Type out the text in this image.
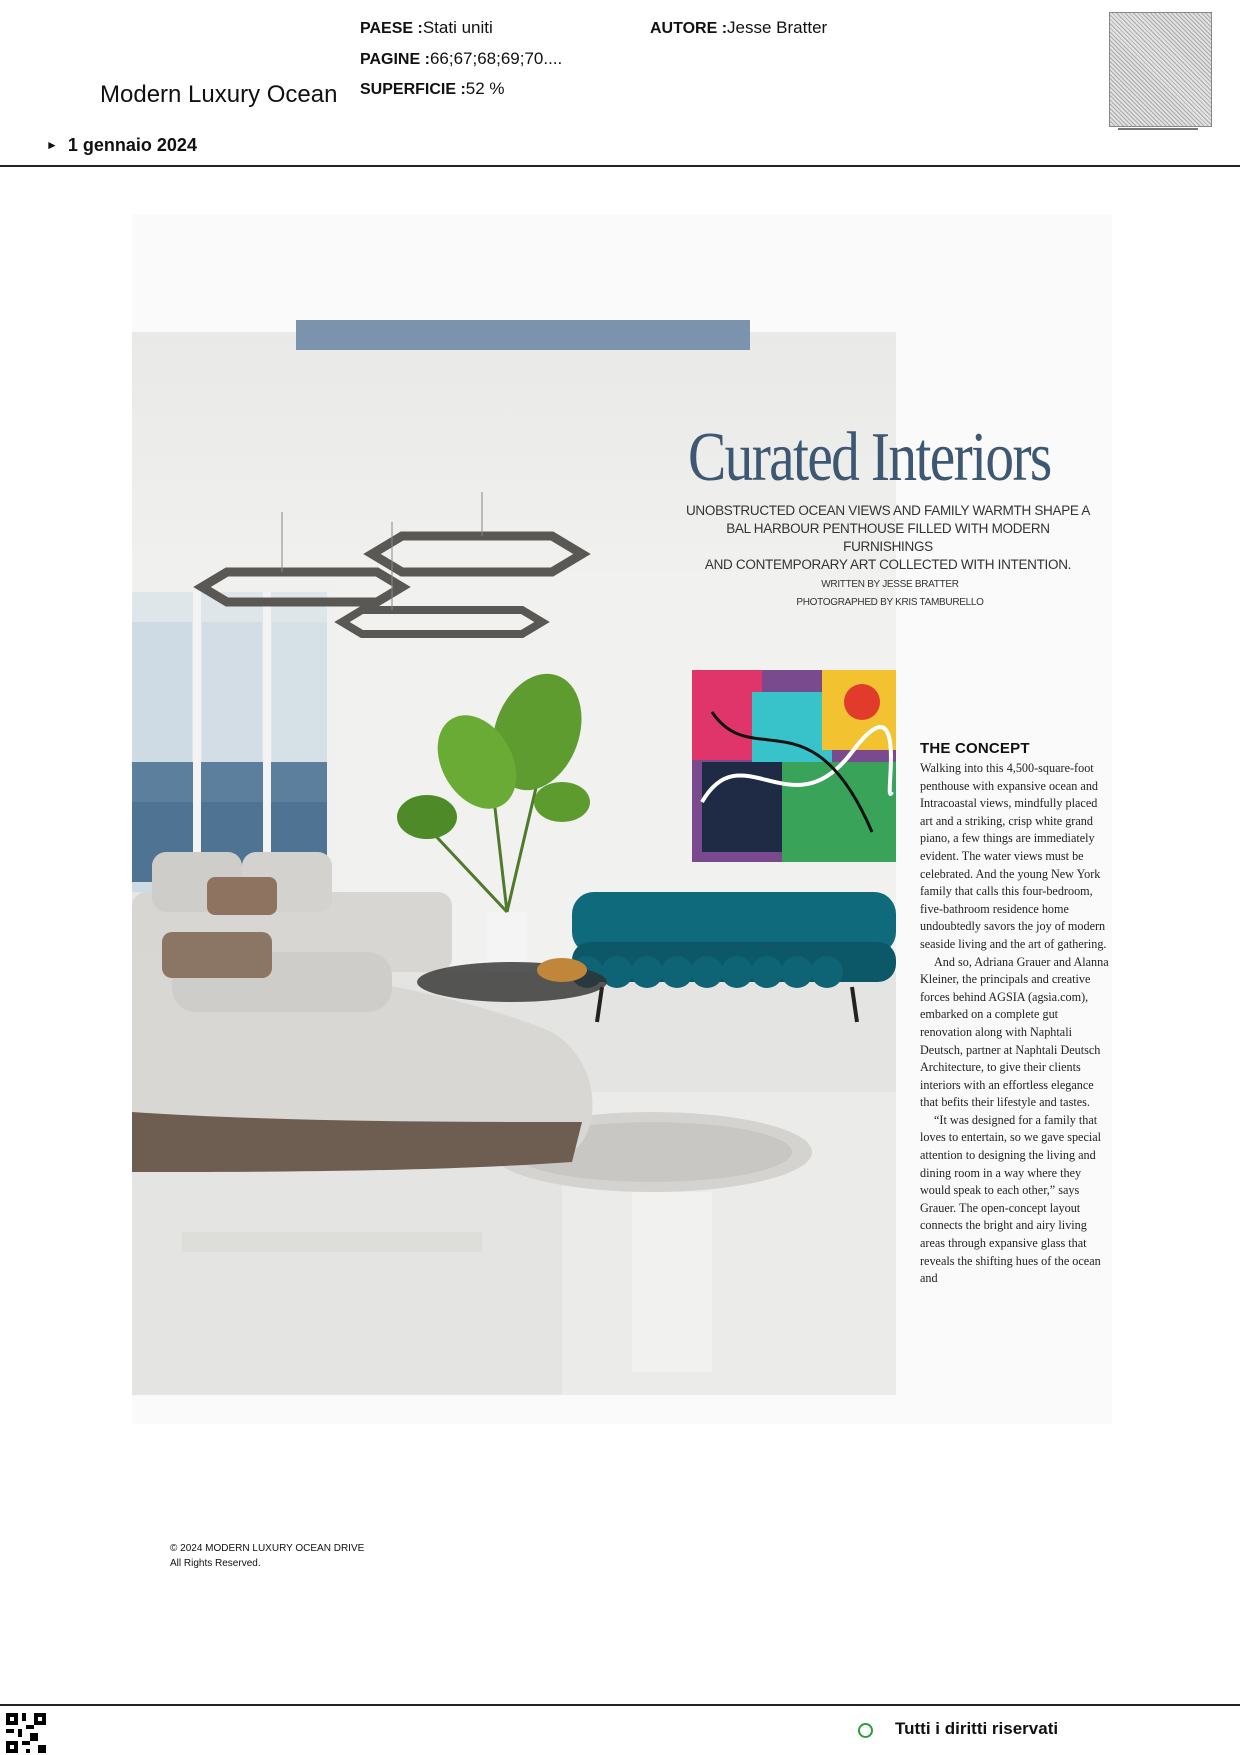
Modern Luxury Ocean
PAESE :Stati uniti
PAGINE :66;67;68;69;70....
SUPERFICIE :52 %
AUTORE :Jesse Bratter
► 1 gennaio 2024
Curated Interiors
UNOBSTRUCTED OCEAN VIEWS AND FAMILY WARMTH SHAPE A
BAL HARBOUR PENTHOUSE FILLED WITH MODERN FURNISHINGS
AND CONTEMPORARY ART COLLECTED WITH INTENTION.
WRITTEN BY JESSE BRATTER
PHOTOGRAPHED BY KRIS TAMBURELLO
THE CONCEPT

Walking into this 4,500-square-foot penthouse with expansive ocean and Intracoastal views, mindfully placed art and a striking, crisp white grand piano, a few things are immediately evident. The water views must be celebrated. And the young New York family that calls this four-bedroom, five-bathroom residence home undoubtedly savors the joy of modern seaside living and the art of gathering.

And so, Adriana Grauer and Alanna Kleiner, the principals and creative forces behind AGSIA (agsia.com), embarked on a complete gut renovation along with Naphtali Deutsch, partner at Naphtali Deutsch Architecture, to give their clients interiors with an effortless elegance that befits their lifestyle and tastes.

“It was designed for a family that loves to entertain, so we gave special attention to designing the living and dining room in a way where they would speak to each other,” says Grauer. The open-concept layout connects the bright and airy living areas through expansive glass that reveals the shifting hues of the ocean and

© 2024 MODERN LUXURY OCEAN DRIVE
All Rights Reserved.
Tutti i diritti riservati
